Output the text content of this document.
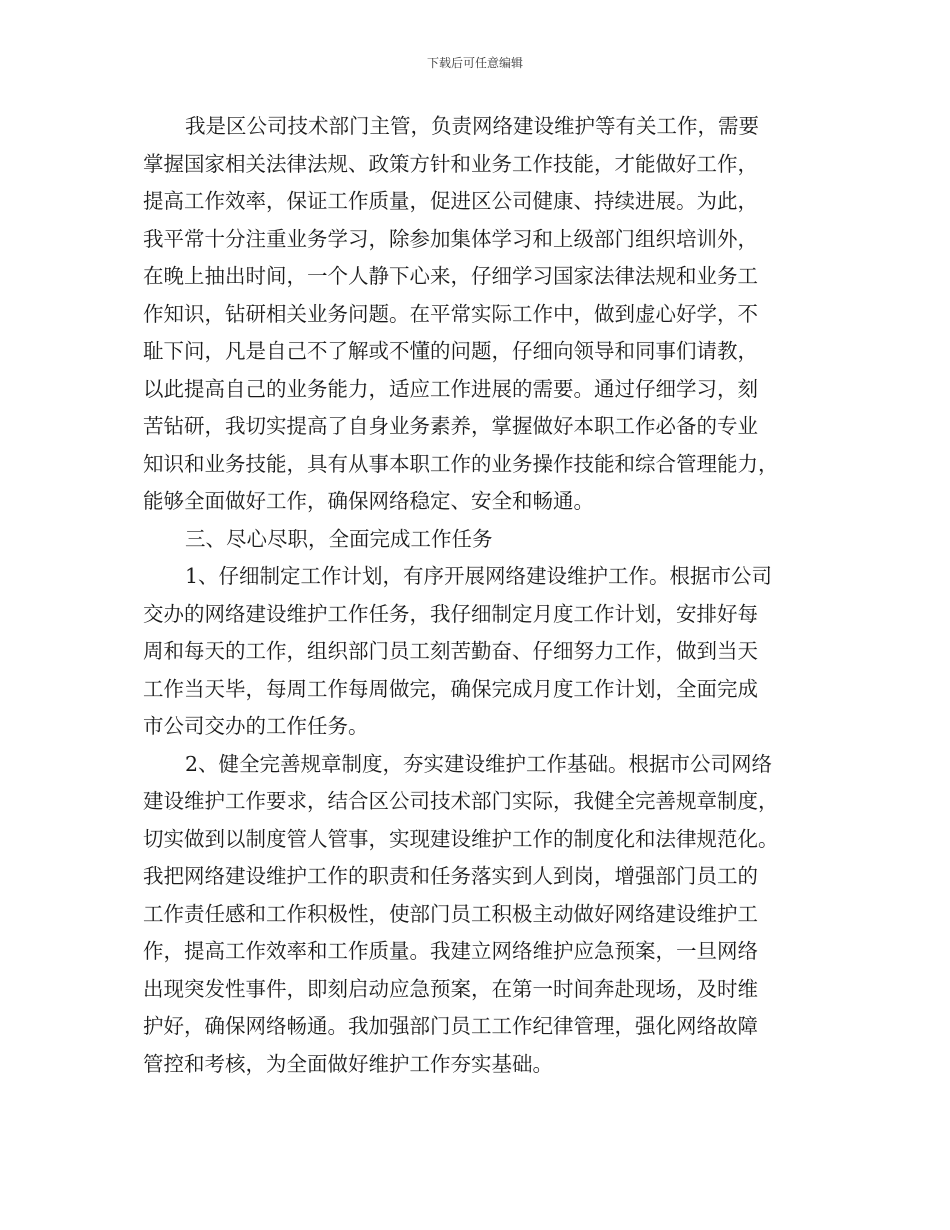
下载后可任意编辑
我是区公司技术部门主管，负责网络建设维护等有关工作，需要
掌握国家相关法律法规、政策方针和业务工作技能，才能做好工作，
提高工作效率，保证工作质量，促进区公司健康、持续进展。为此，
我平常十分注重业务学习，除参加集体学习和上级部门组织培训外，
在晚上抽出时间，一个人静下心来，仔细学习国家法律法规和业务工
作知识，钻研相关业务问题。在平常实际工作中，做到虚心好学，不
耻下问，凡是自己不了解或不懂的问题，仔细向领导和同事们请教，
以此提高自己的业务能力，适应工作进展的需要。通过仔细学习，刻
苦钻研，我切实提高了自身业务素养，掌握做好本职工作必备的专业
知识和业务技能，具有从事本职工作的业务操作技能和综合管理能力，
能够全面做好工作，确保网络稳定、安全和畅通。
三、尽心尽职，全面完成工作任务
1、仔细制定工作计划，有序开展网络建设维护工作。根据市公司
交办的网络建设维护工作任务，我仔细制定月度工作计划，安排好每
周和每天的工作，组织部门员工刻苦勤奋、仔细努力工作，做到当天
工作当天毕，每周工作每周做完，确保完成月度工作计划，全面完成
市公司交办的工作任务。
2、健全完善规章制度，夯实建设维护工作基础。根据市公司网络
建设维护工作要求，结合区公司技术部门实际，我健全完善规章制度，
切实做到以制度管人管事，实现建设维护工作的制度化和法律规范化。
我把网络建设维护工作的职责和任务落实到人到岗，增强部门员工的
工作责任感和工作积极性，使部门员工积极主动做好网络建设维护工
作，提高工作效率和工作质量。我建立网络维护应急预案，一旦网络
出现突发性事件，即刻启动应急预案，在第一时间奔赴现场，及时维
护好，确保网络畅通。我加强部门员工工作纪律管理，强化网络故障
管控和考核，为全面做好维护工作夯实基础。
